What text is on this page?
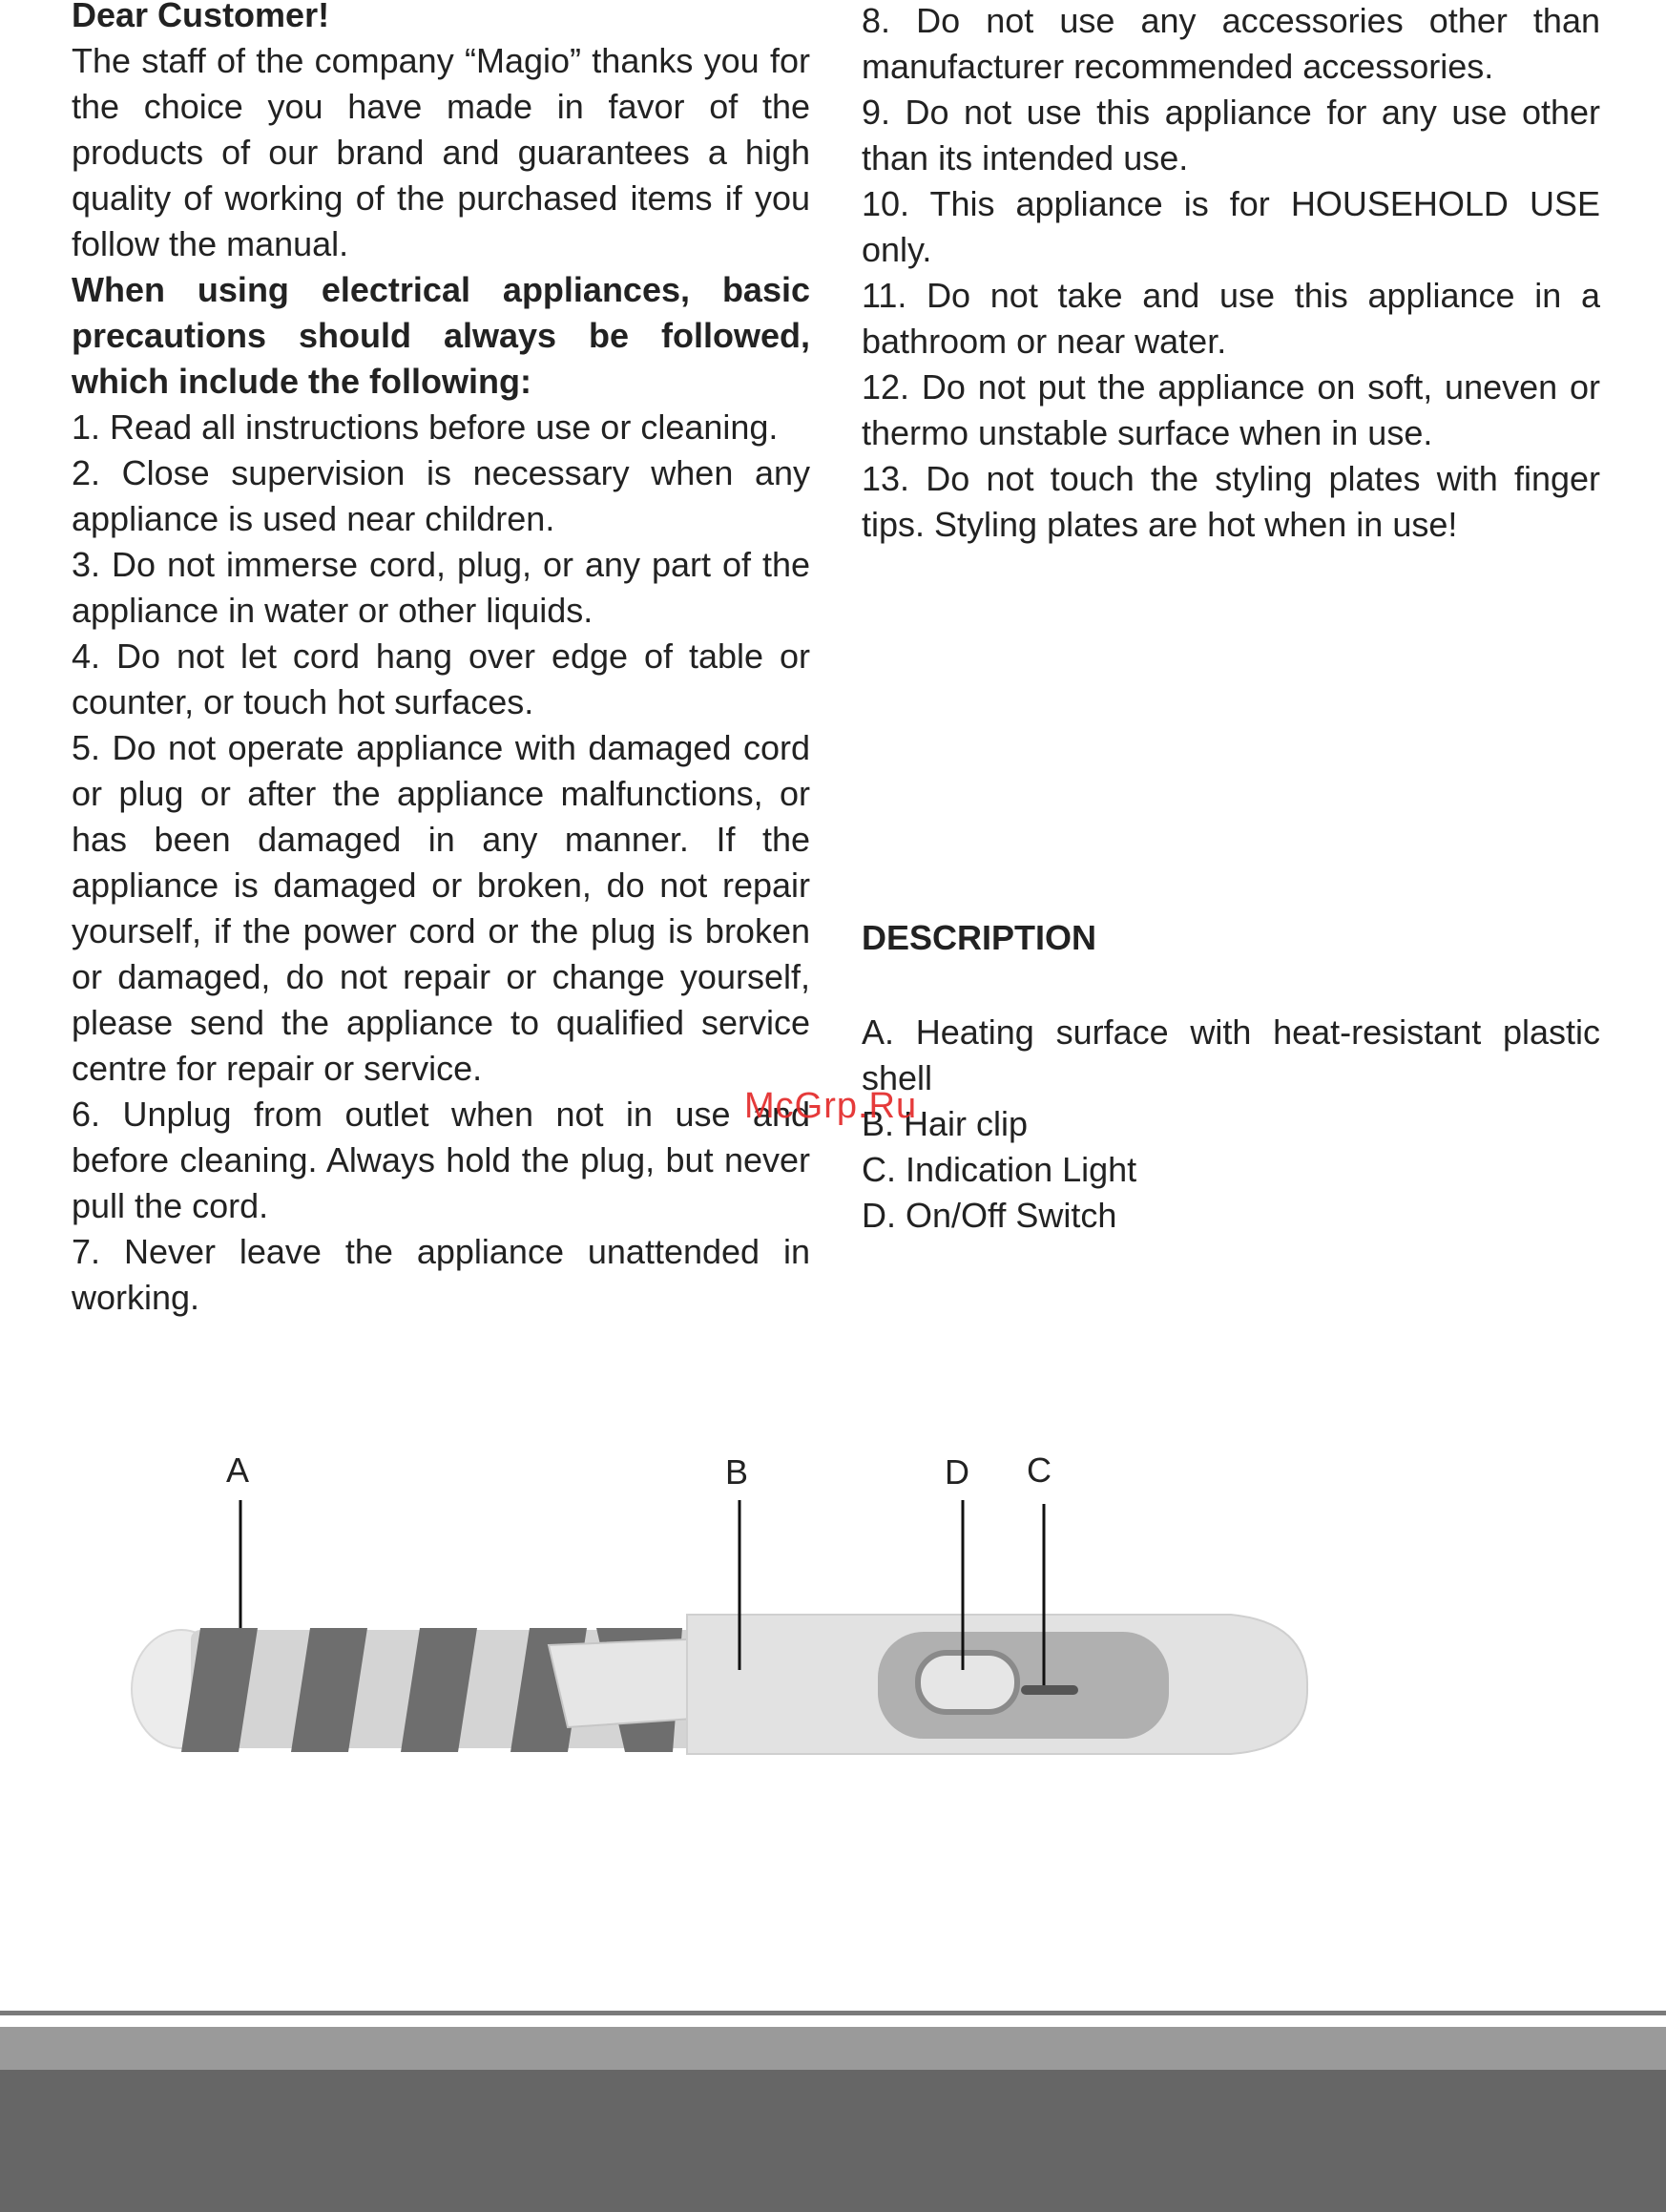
Dear Customer!

The staff of the company “Magio” thanks you for the choice you have made in favor of the products of our brand and guarantees a high quality of working of the purchased items if you follow the manual.

When using electrical appliances, basic precautions should always be followed, which include the following:

1. Read all instructions before use or cleaning.

2. Close supervision is necessary when any appliance is used near children.

3. Do not immerse cord, plug, or any part of the appliance in water or other liquids.

4. Do not let cord hang over edge of table or counter, or touch hot surfaces.

5. Do not operate appliance with damaged cord or plug or after the appliance malfunctions, or has been damaged in any manner. If the appliance is damaged or broken, do not repair yourself, if the power cord or the plug is broken or damaged, do not repair or change yourself, please send the appliance to qualified service centre for repair or service.

6. Unplug from outlet when not in use and before cleaning. Always hold the plug, but never pull the cord.

7. Never leave the appliance unattended in working.

8. Do not use any accessories other than manufacturer recommended accessories.

9. Do not use this appliance for any use other than its intended use.

10. This appliance is for HOUSEHOLD USE only.

11. Do not take and use this appliance in a bathroom or near water.

12. Do not put the appliance on soft, uneven or thermo unstable surface when in use.

13. Do not touch the styling plates with finger tips. Styling plates are hot when in use!

DESCRIPTION

A. Heating surface with heat-resistant plastic shell

B. Hair clip

C. Indication Light

D. On/Off Switch

McGrp.Ru
A	B	D C
